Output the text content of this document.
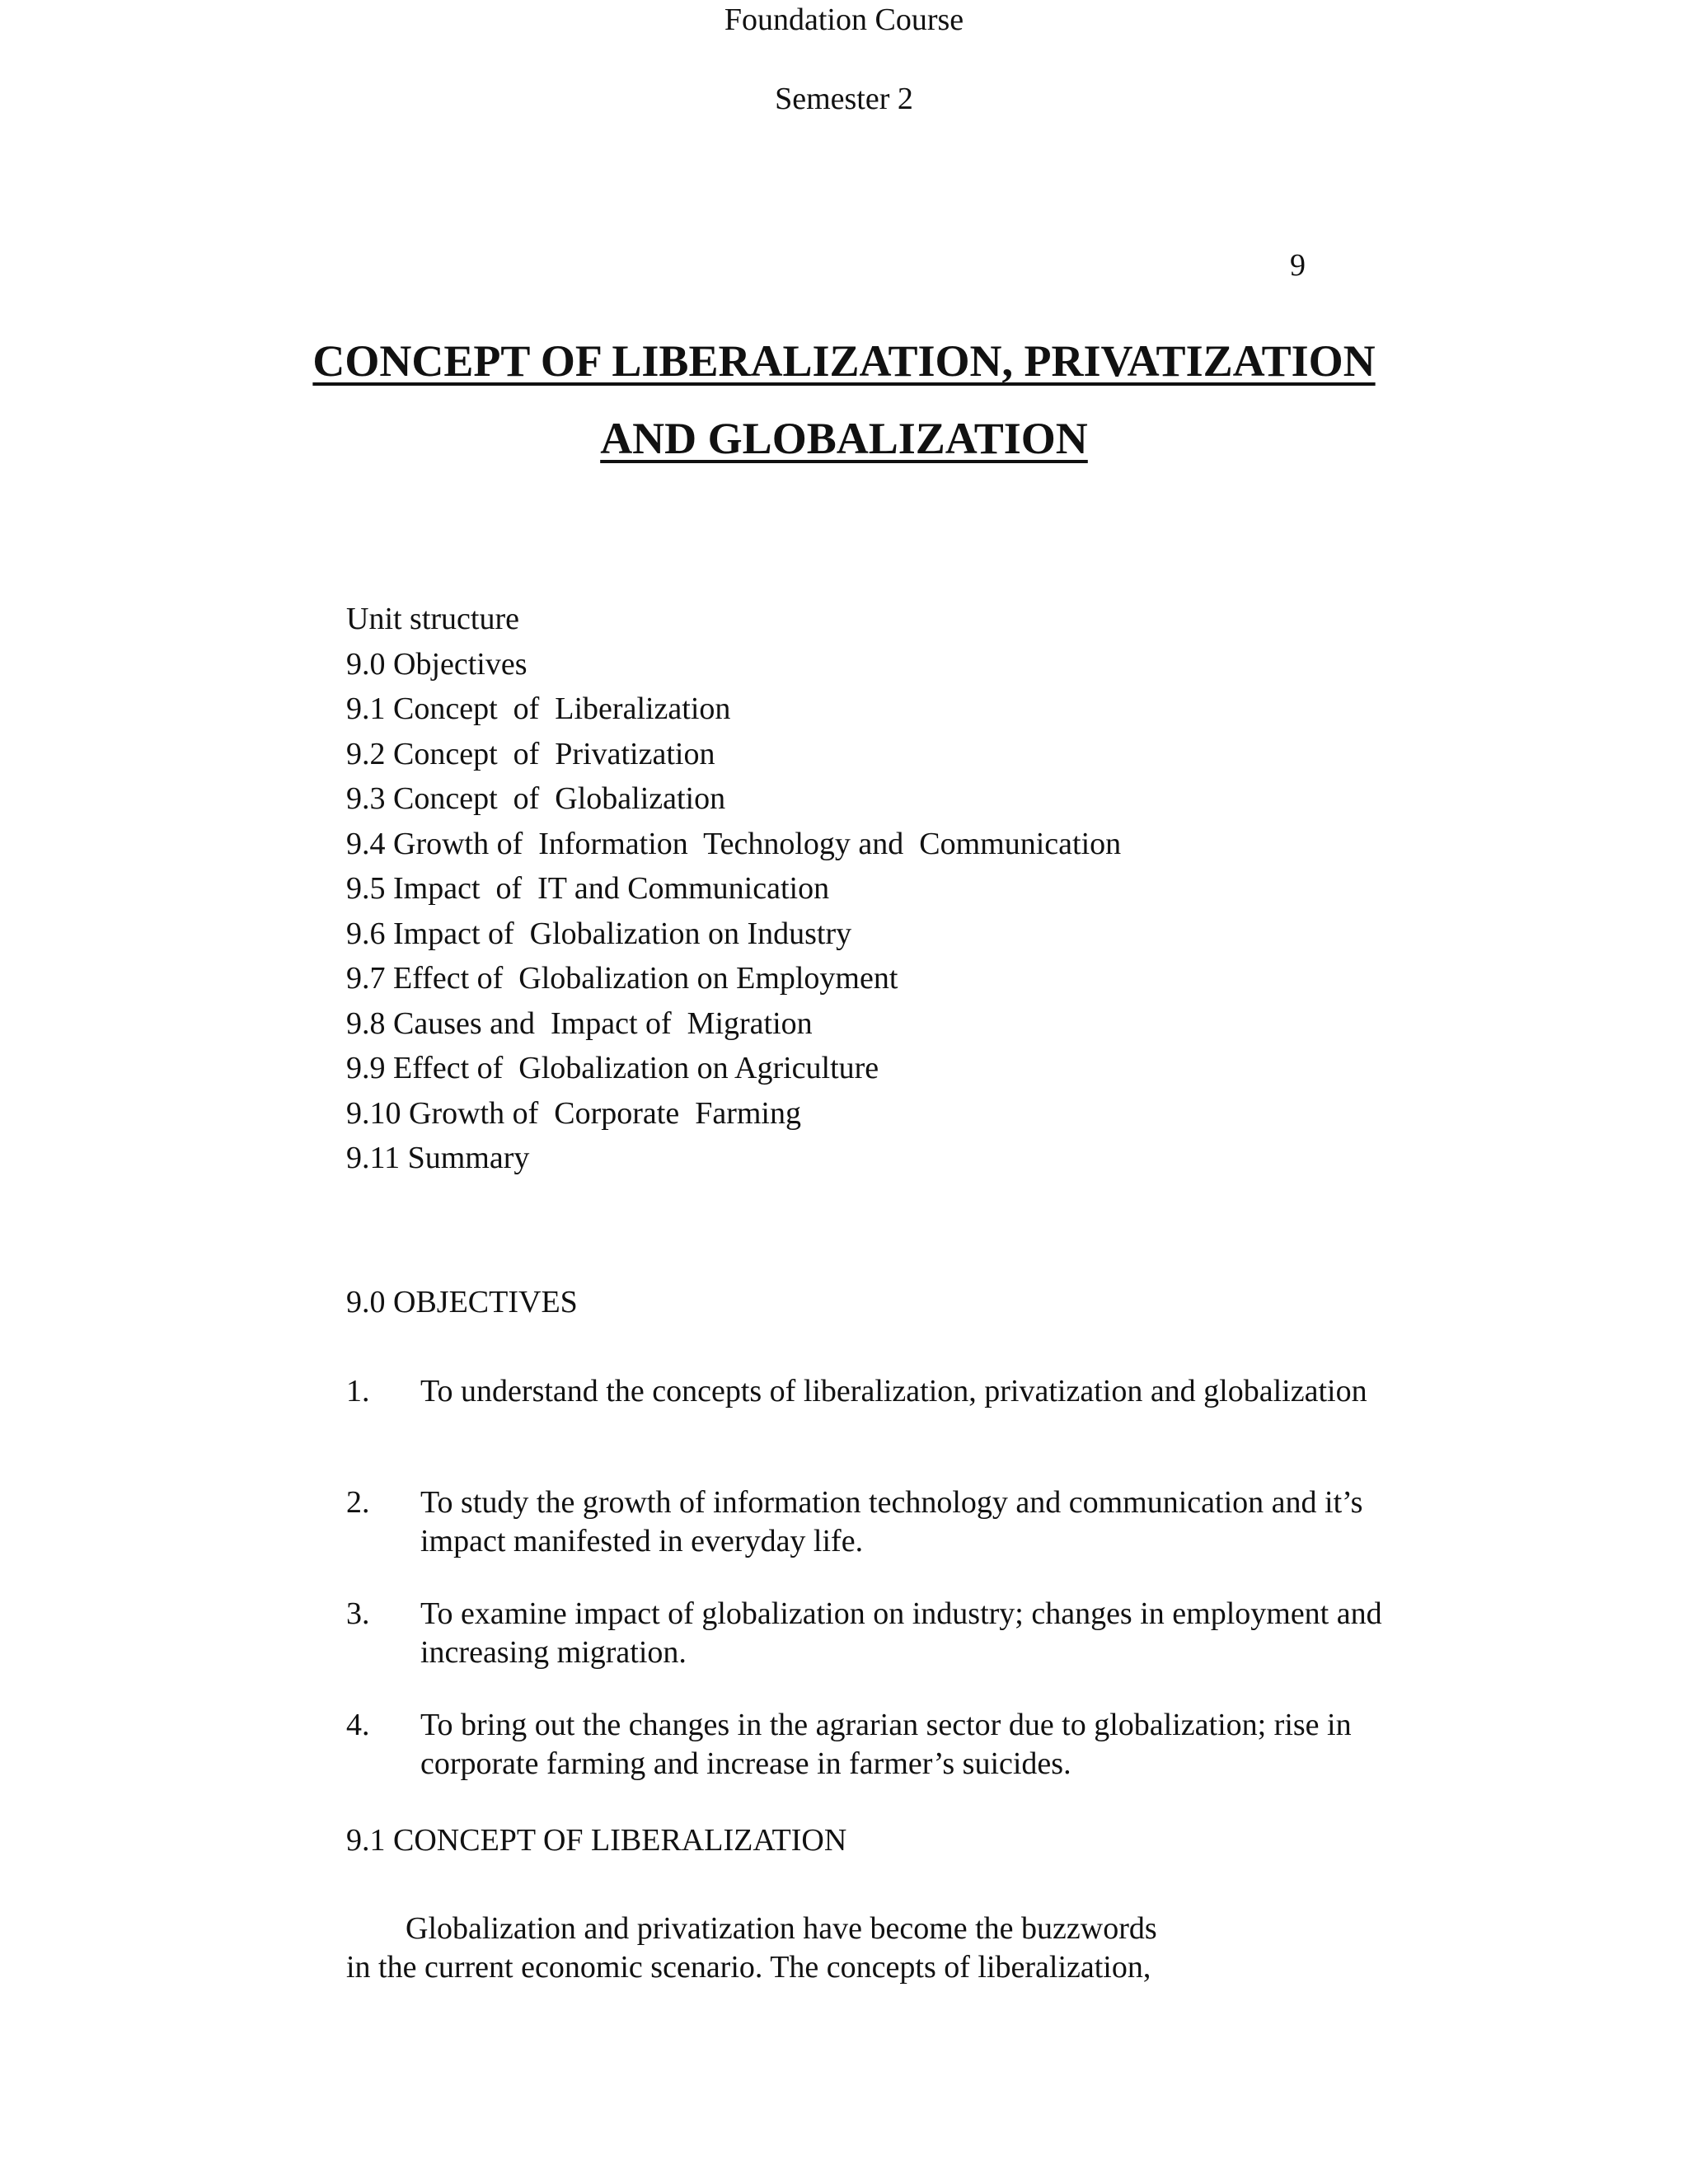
Foundation Course
Semester 2
9
CONCEPT OF LIBERALIZATION, PRIVATIZATION
AND GLOBALIZATION
Unit structure
9.0 Objectives
9.1 Concept  of  Liberalization
9.2 Concept  of  Privatization
9.3 Concept  of  Globalization
9.4 Growth of  Information  Technology and  Communication
9.5 Impact  of  IT and Communication
9.6 Impact of  Globalization on Industry
9.7 Effect of  Globalization on Employment
9.8 Causes and  Impact of  Migration
9.9 Effect of  Globalization on Agriculture
9.10 Growth of  Corporate  Farming
9.11 Summary
9.0 OBJECTIVES
1. To understand the concepts of liberalization, privatization and globalization
2. To study the growth of information technology and communication and it’s impact manifested in everyday life.
3. To examine impact of globalization on industry; changes in employment and increasing migration.
4. To bring out the changes in the agrarian sector due to globalization; rise in corporate farming and increase in farmer’s suicides.
9.1 CONCEPT OF LIBERALIZATION
Globalization and privatization have become the buzzwords
in the current economic scenario. The concepts of liberalization,
